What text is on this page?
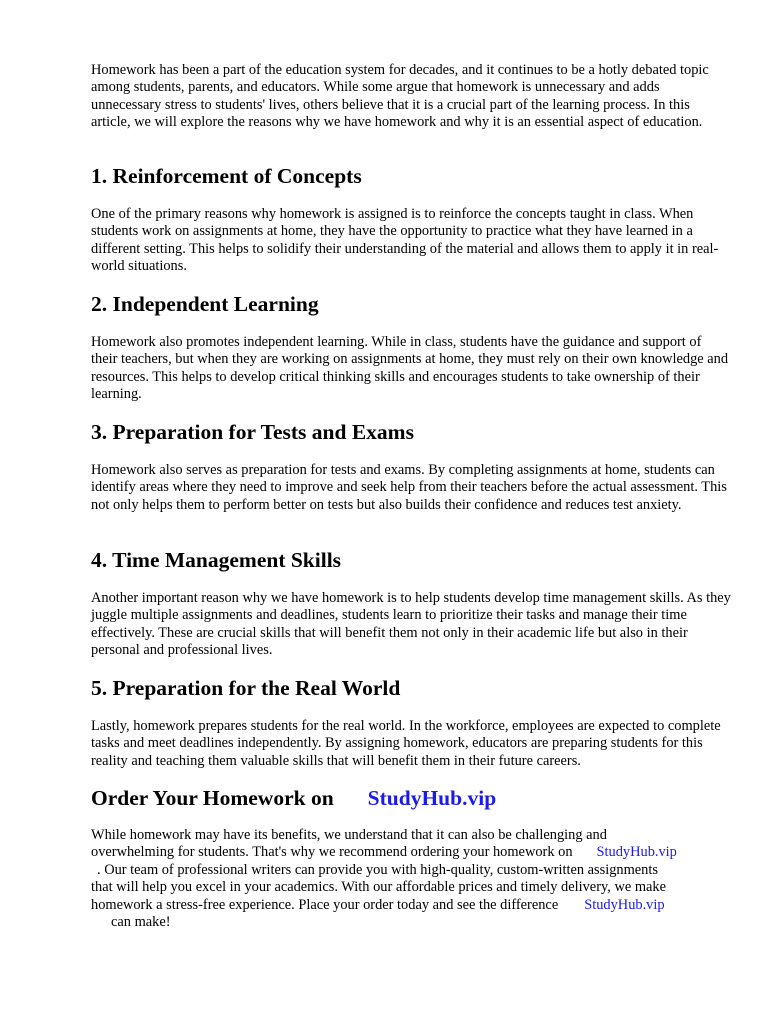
Homework has been a part of the education system for decades, and it continues to be a hotly debated topic among students, parents, and educators. While some argue that homework is unnecessary and adds unnecessary stress to students' lives, others believe that it is a crucial part of the learning process. In this article, we will explore the reasons why we have homework and why it is an essential aspect of education.

1. Reinforcement of Concepts

One of the primary reasons why homework is assigned is to reinforce the concepts taught in class. When students work on assignments at home, they have the opportunity to practice what they have learned in a different setting. This helps to solidify their understanding of the material and allows them to apply it in real-world situations.

2. Independent Learning

Homework also promotes independent learning. While in class, students have the guidance and support of their teachers, but when they are working on assignments at home, they must rely on their own knowledge and resources. This helps to develop critical thinking skills and encourages students to take ownership of their learning.

3. Preparation for Tests and Exams

Homework also serves as preparation for tests and exams. By completing assignments at home, students can identify areas where they need to improve and seek help from their teachers before the actual assessment. This not only helps them to perform better on tests but also builds their confidence and reduces test anxiety.

4. Time Management Skills

Another important reason why we have homework is to help students develop time management skills. As they juggle multiple assignments and deadlines, students learn to prioritize their tasks and manage their time effectively. These are crucial skills that will benefit them not only in their academic life but also in their personal and professional lives.

5. Preparation for the Real World

Lastly, homework prepares students for the real world. In the workforce, employees are expected to complete tasks and meet deadlines independently. By assigning homework, educators are preparing students for this reality and teaching them valuable skills that will benefit them in their future careers.

Order Your Homework on StudyHub.vip

While homework may have its benefits, we understand that it can also be challenging and
overwhelming for students. That's why we recommend ordering your homework on StudyHub.vip
. Our team of professional writers can provide you with high-quality, custom-written assignments
that will help you excel in your academics. With our affordable prices and timely delivery, we make
homework a stress-free experience. Place your order today and see the difference StudyHub.vip
can make!
